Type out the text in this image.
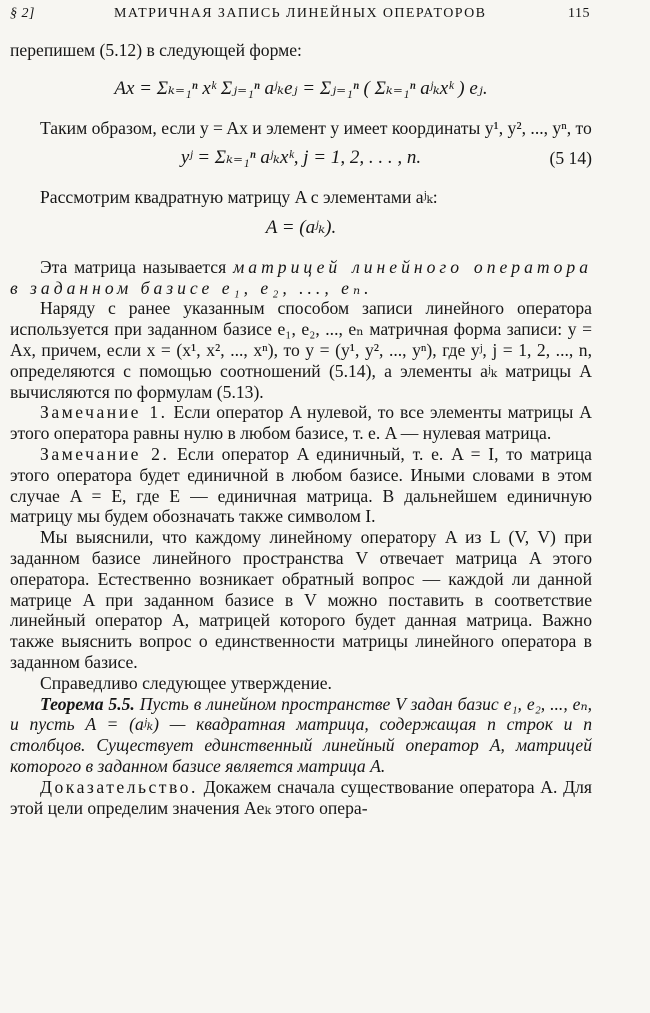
§ 2]	МАТРИЧНАЯ ЗАПИСЬ ЛИНЕЙНЫХ ОПЕРАТОРОВ	115

перепишем (5.12) в следующей форме:

Ax = Σₖ₌₁ⁿ xᵏ Σⱼ₌₁ⁿ aʲₖeⱼ = Σⱼ₌₁ⁿ ( Σₖ₌₁ⁿ aʲₖxᵏ ) eⱼ.

Таким образом, если y = Ax и элемент y имеет координаты y¹, y², ..., yⁿ, то

yʲ = Σₖ₌₁ⁿ aʲₖxᵏ, j = 1, 2, . . . , n.	(5 14)

Рассмотрим квадратную матрицу A с элементами aʲₖ:

A = (aʲₖ).

Эта матрица называется матрицей линейного оператора в заданном базисе e₁, e₂, ..., eₙ.

Наряду с ранее указанным способом записи линейного оператора используется при заданном базисе e₁, e₂, ..., eₙ матричная форма записи: y = Ax, причем, если x = (x¹, x², ..., xⁿ), то y = (y¹, y², ..., yⁿ), где yʲ, j = 1, 2, ..., n, определяются с помощью соотношений (5.14), а элементы aʲₖ матрицы A вычисляются по формулам (5.13).

Замечание 1. Если оператор A нулевой, то все элементы матрицы A этого оператора равны нулю в любом базисе, т. е. A — нулевая матрица.

Замечание 2. Если оператор A единичный, т. е. A = I, то матрица этого оператора будет единичной в любом базисе. Иными словами в этом случае A = E, где E — единичная матрица. В дальнейшем единичную матрицу мы будем обозначать также символом I.

Мы выяснили, что каждому линейному оператору A из L (V, V) при заданном базисе линейного пространства V отвечает матрица A этого оператора. Естественно возникает обратный вопрос — каждой ли данной матрице A при заданном базисе в V можно поставить в соответствие линейный оператор A, матрицей которого будет данная матрица. Важно также выяснить вопрос о единственности матрицы линейного оператора в заданном базисе.

Справедливо следующее утверждение.

Теорема 5.5. Пусть в линейном пространстве V задан базис e₁, e₂, ..., eₙ, и пусть A = (aʲₖ) — квадратная матрица, содержащая n строк и n столбцов. Существует единственный линейный оператор A, матрицей которого в заданном базисе является матрица A.

Доказательство. Докажем сначала существование оператора A. Для этой цели определим значения Aeₖ этого опера-
